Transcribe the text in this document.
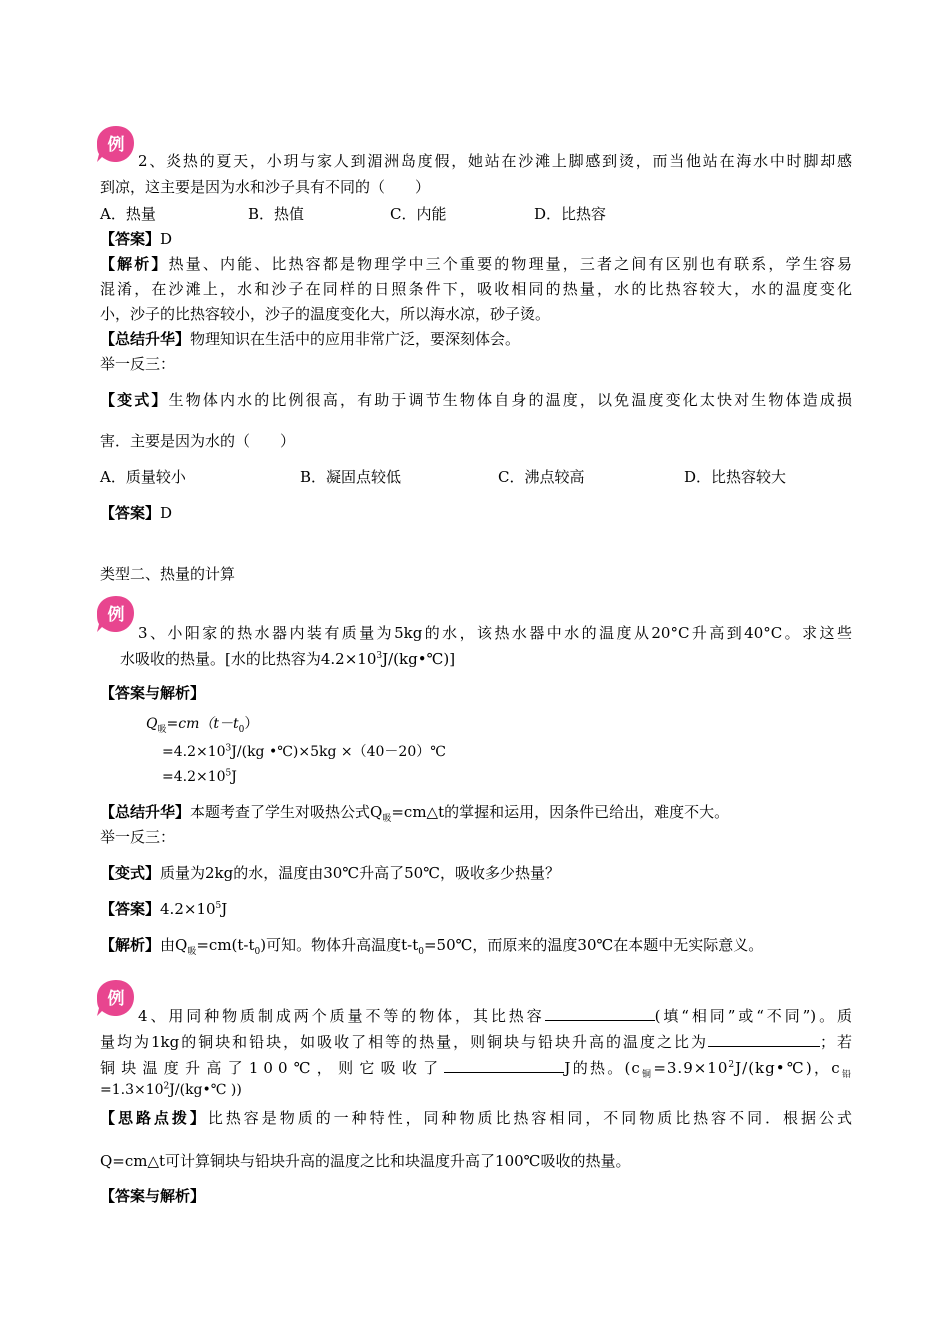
例
2、炎热的夏天，小玥与家人到湄洲岛度假，她站在沙滩上脚感到烫，而当他站在海水中时脚却感
到凉，这主要是因为水和沙子具有不同的（　　）
A．热量	B．热值	C．内能	D．比热容
【答案】D
【解析】热量、内能、比热容都是物理学中三个重要的物理量，三者之间有区别也有联系，学生容易
混淆，在沙滩上，水和沙子在同样的日照条件下，吸收相同的热量，水的比热容较大，水的温度变化
小，沙子的比热容较小，沙子的温度变化大，所以海水凉，砂子烫。
【总结升华】物理知识在生活中的应用非常广泛，要深刻体会。
举一反三：
【变式】生物体内水的比例很高，有助于调节生物体自身的温度，以免温度变化太快对生物体造成损
害．主要是因为水的（　　）
A．质量较小	B．凝固点较低	C．沸点较高	D．比热容较大
【答案】D
类型二、热量的计算
例
3、小阳家的热水器内装有质量为5kg的水，该热水器中水的温度从20°C升高到40°C。求这些
水吸收的热量。[水的比热容为$4.2\times 10^3J/(kg•℃)$]
【答案与解析】
$Q_吸=cm(t-t_0)$
$=4.2\times 10^3J/(kg$ •℃)×5kg ×（40－20）℃
$=4.2\times 10^5J$
【总结升华】本题考查了学生对吸热公式$Q_吸=cm\triangle t$的掌握和运用，因条件已给出，难度不大。
举一反三：
【变式】质量为2kg的水，温度由30℃升高了50℃，吸收多少热量？
【答案】$4.2\times 10^5J$
【解析】由$Q_吸=cm(t-t_0)$可知。物体升高温度$t-t_0=50℃$，而原来的温度30℃在本题中无实际意义。
例
4、用同种物质制成两个质量不等的物体，其比热容	(填“相同”或“不同”)。质
量均为1kg的铜块和铅块，如吸收了相等的热量，则铜块与铅块升高的温度之比为	；若
铜块温度升高了100℃，则它吸收了	J的热。($c_铜=3.9\times 10^2J/(kg•℃)$，$c_铅$
$=1.3\times 10^2J/(kg•℃$ ))
【思路点拨】比热容是物质的一种特性，同种物质比热容相同，不同物质比热容不同．根据公式
Q=cm△t可计算铜块与铅块升高的温度之比和块温度升高了100℃吸收的热量。
【答案与解析】
